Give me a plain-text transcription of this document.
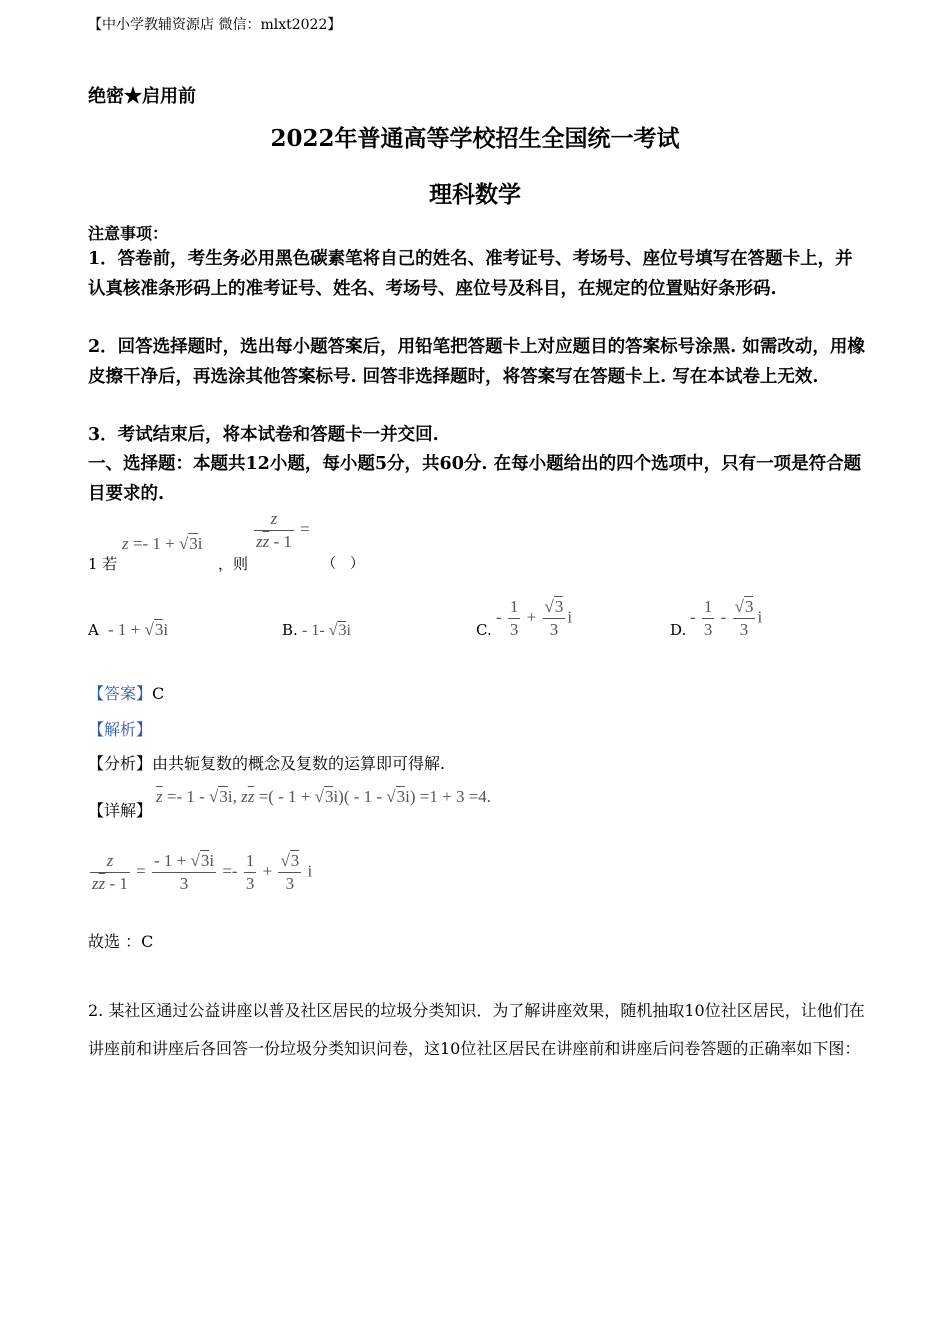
【中小学教辅资源店 微信：mlxt2022】
绝密★启用前
2022年普通高等学校招生全国统一考试
理科数学
注意事项：
1．答卷前，考生务必用黑色碳素笔将自己的姓名、准考证号、考场号、座位号填写在答题卡上，并认真核准条形码上的准考证号、姓名、考场号、座位号及科目，在规定的位置贴好条形码.
2．回答选择题时，选出每小题答案后，用铅笔把答题卡上对应题目的答案标号涂黑. 如需改动，用橡皮擦干净后，再选涂其他答案标号. 回答非选择题时，将答案写在答题卡上. 写在本试卷上无效.
3．考试结束后，将本试卷和答题卡一并交回.
一、选择题：本题共12小题，每小题5分，共60分. 在每小题给出的四个选项中，只有一项是符合题目要求的.
1 若
z =- 1 + √3i
，则
$\frac{z}{z\overline{z} - 1}$ =
（　）
A - 1 + √3i	B. - 1- √3i	C.
- $\frac{1}{3} + \frac{√3}{3}$ i
D.
- $\frac{1}{3} - \frac{√3}{3}$ i
【答案】C
【解析】
【分析】由共轭复数的概念及复数的运算即可得解.
【详解】
$\overline{z} =- 1 - √3i$, $z\overline{z}$ =( - 1 + √3i)( - 1 - √3i) =1 + 3 =4.
$\frac{z}{z\overline{z} - 1} = \frac{- 1 + √3i}{3} =- \frac{1}{3} + \frac{√3}{3}$ i
故选 ：C
2. 某社区通过公益讲座以普及社区居民的垃圾分类知识．为了解讲座效果，随机抽取10位社区居民，让他们在讲座前和讲座后各回答一份垃圾分类知识问卷，这10位社区居民在讲座前和讲座后问卷答题的正确率如下图：
